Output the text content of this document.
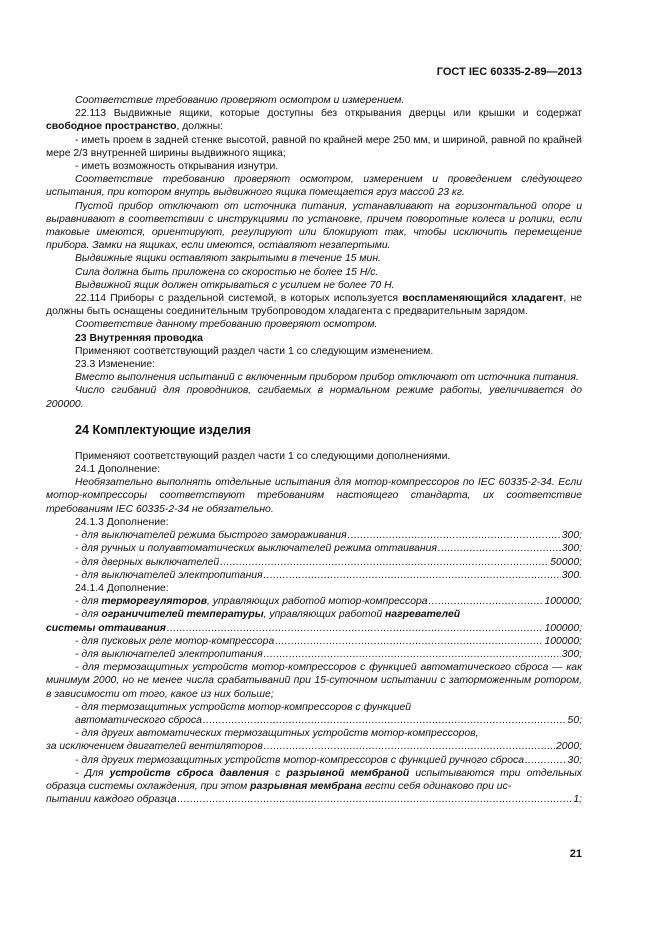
ГОСТ IEC 60335-2-89—2013

Соответствие требованию проверяют осмотром и измерением.

22.113 Выдвижные ящики, которые доступны без открывания дверцы или крышки и содержат свободное пространство, должны:

- иметь проем в задней стенке высотой, равной по крайней мере 250 мм, и шириной, равной по крайней мере 2/3 внутренней ширины выдвижного ящика;

- иметь возможность открывания изнутри.

Соответствие требованию проверяют осмотром, измерением и проведением следующего испытания, при котором внутрь выдвижного ящика помещается груз массой 23 кг.

Пустой прибор отключают от источника питания, устанавливают на горизонтальной опоре и выравнивают в соответствии с инструкциями по установке, причем поворотные колеса и ролики, если таковые имеются, ориентируют, регулируют или блокируют так, чтобы исключить перемещение прибора. Замки на ящиках, если имеются, оставляют незапертыми.

Выдвижные ящики оставляют закрытыми в течение 15 мин.

Сила должна быть приложена со скоростью не более 15 Н/с.

Выдвижной ящик должен открываться с усилием не более 70 Н.

22.114 Приборы с раздельной системой, в которых используется воспламеняющийся хладагент, не должны быть оснащены соединительным трубопроводом хладагента с предварительным зарядом.

Соответствие данному требованию проверяют осмотром.

23 Внутренняя проводка

Применяют соответствующий раздел части 1 со следующим изменением.

23.3 Изменение:

Вместо выполнения испытаний с включенным прибором прибор отключают от источника питания.

Число сгибаний для проводников, сгибаемых в нормальном режиме работы, увеличивается до 200000.

24 Комплектующие изделия

Применяют соответствующий раздел части 1 со следующими дополнениями.

24.1 Дополнение:

Необязательно выполнять отдельные испытания для мотор-компрессоров по IEC 60335-2-34. Если мотор-компрессоры соответствуют требованиям настоящего стандарта, их соответствие требованиям IEC 60335-2-34 не обязательно.

24.1.3 Дополнение:

- для выключателей режима быстрого замораживания .....	300;
- для ручных и полуавтоматических выключателей режима оттаивания .....	300;
- для дверных выключателей .....	50000;
- для выключателей электропитания .....	300.

24.1.4 Дополнение:

- для терморегуляторов, управляющих работой мотор-компрессора .....	100000;

- для ограничителей температуры, управляющих работой нагревателей

системы оттаивания .....	100000;
- для пусковых реле мотор-компрессора .....	100000;
- для выключателей электропитания .....	300;

- для термозащитных устройств мотор-компрессоров с функцией автоматического сброса — как минимум 2000, но не менее числа срабатываний при 15-суточном испытании с заторможенным ротором, в зависимости от того, какое из них больше;

- для термозащитных устройств мотор-компрессоров с функцией

автоматического сброса .....	50;

- для других автоматических термозащитных устройств мотор-компрессоров,

за исключением двигателей вентиляторов .....	2000;
- для других термозащитных устройств мотор-компрессоров с функцией ручного сброса .....	30;

- Для устройств сброса давления с разрывной мембраной испытываются три отдельных образца системы охлаждения, при этом разрывная мембрана вести себя одинаково при ис-

пытании каждого образца .....	1;
21
